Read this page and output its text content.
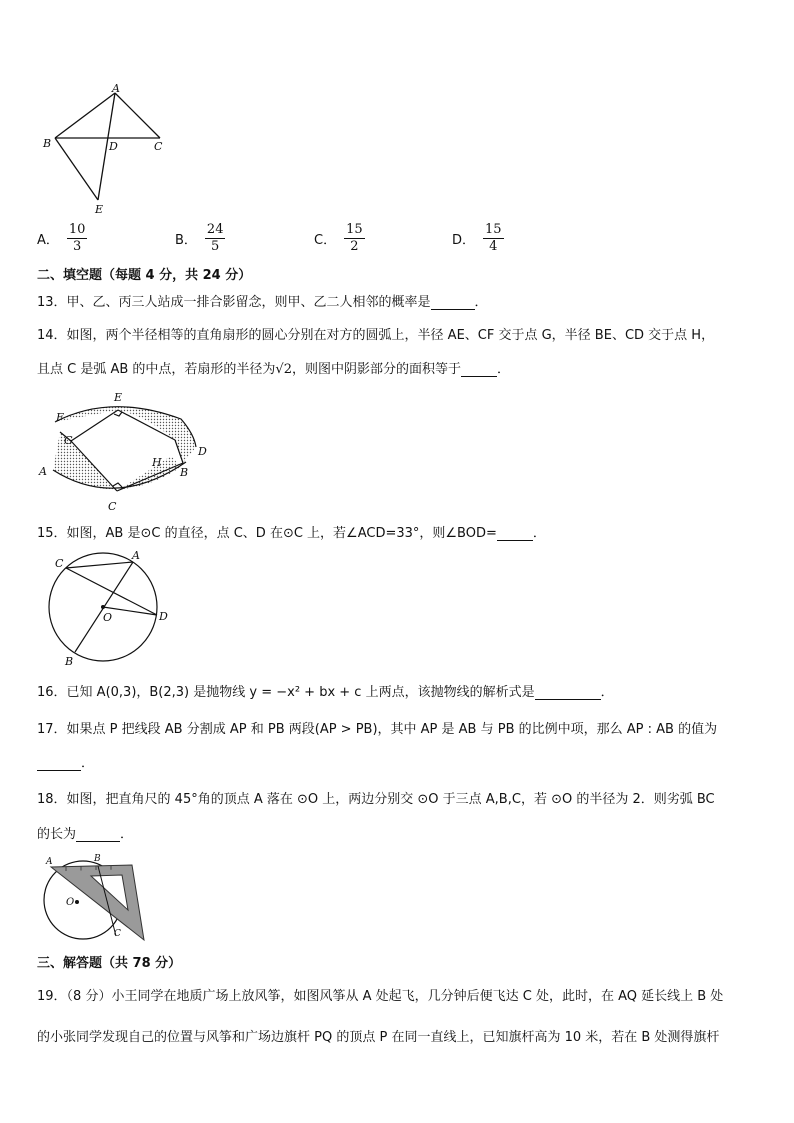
A
B	D	C
E
A． $\frac{10}{3}$	B． $\frac{24}{5}$	C． $\frac{15}{2}$	D． $\frac{15}{4}$
二、填空题（每题 4 分，共 24 分）
13．甲、乙、丙三人站成一排合影留念，则甲、乙二人相邻的概率是	．
14．如图，两个半径相等的直角扇形的圆心分别在对方的圆弧上，半径 AE、CF 交于点 G，半径 BE、CD 交于点 H，
且点 C 是弧 AB 的中点，若扇形的半径为√2，则图中阴影部分的面积等于	．
E
F
G
D
A
H
B
C
15．如图，AB 是⊙C 的直径，点 C、D 在⊙C 上，若∠ACD=33°，则∠BOD=	．
C
A
O	D
B
16．已知 A(0,3)，B(2,3) 是抛物线 y = −x² + bx + c 上两点，该抛物线的解析式是	．
17．如果点 P 把线段 AB 分割成 AP 和 PB 两段(AP > PB)，其中 AP 是 AB 与 PB 的比例中项，那么 AP : AB 的值为
．
18．如图，把直角尺的 45°角的顶点 A 落在 ⊙O 上，两边分别交 ⊙O 于三点 A,B,C，若 ⊙O 的半径为 2．则劣弧 BC
的长为	．
A	B
O
C
三、解答题（共 78 分）
19．（8 分）小王同学在地质广场上放风筝，如图风筝从 A 处起飞，几分钟后便飞达 C 处，此时，在 AQ 延长线上 B 处
的小张同学发现自己的位置与风筝和广场边旗杆 PQ 的顶点 P 在同一直线上，已知旗杆高为 10 米，若在 B 处测得旗杆
